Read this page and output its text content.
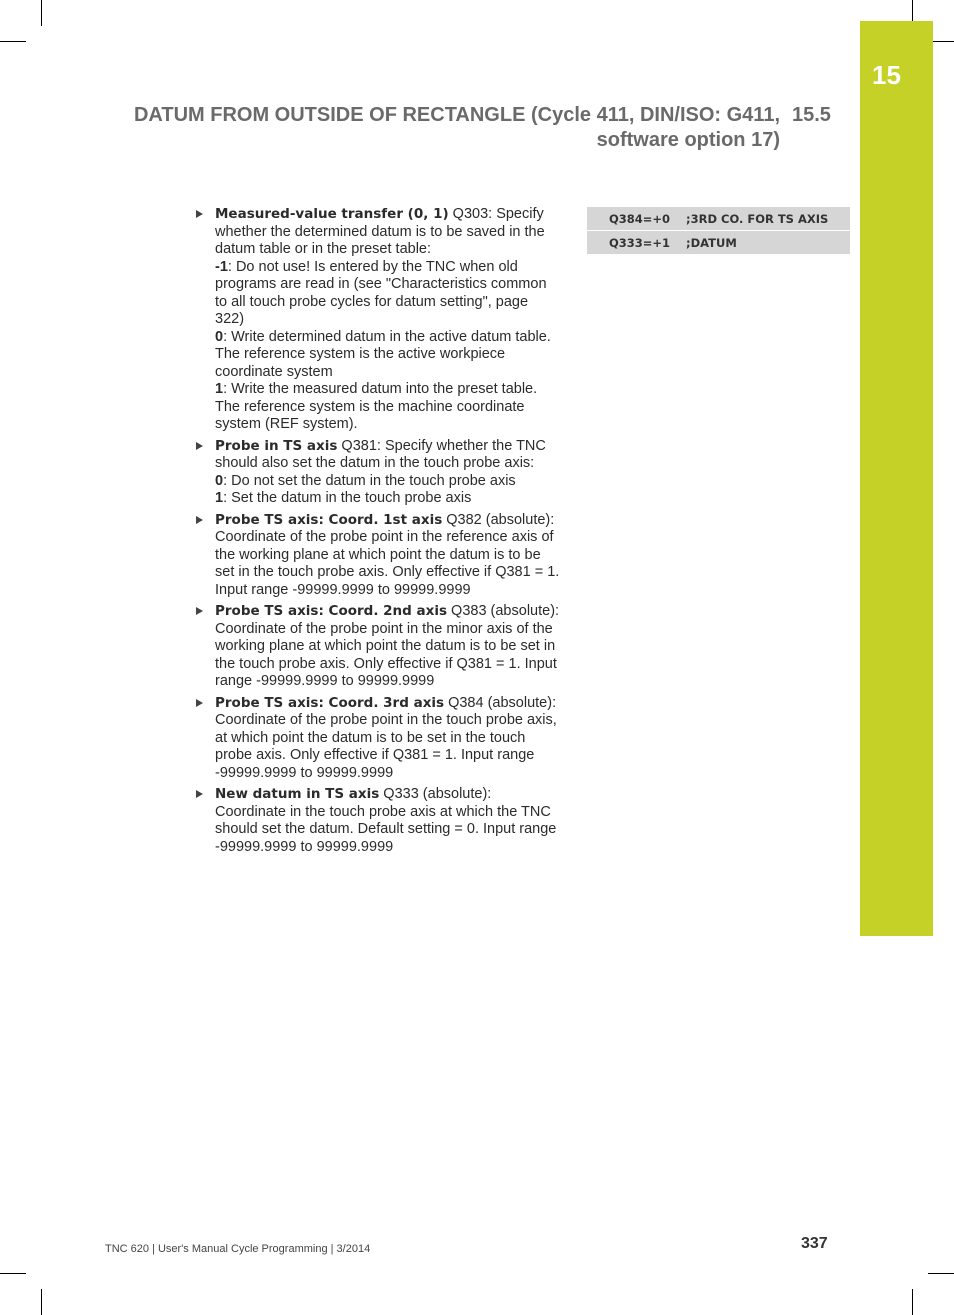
15
DATUM FROM OUTSIDE OF RECTANGLE (Cycle 411, DIN/ISO: G411,
software option 17)
15.5
Measured-value transfer (0, 1) Q303: Specify whether the determined datum is to be saved in the datum table or in the preset table:
-1: Do not use! Is entered by the TNC when old programs are read in (see "Characteristics common to all touch probe cycles for datum setting", page 322)
0: Write determined datum in the active datum table. The reference system is the active workpiece coordinate system
1: Write the measured datum into the preset table. The reference system is the machine coordinate system (REF system).
Probe in TS axis Q381: Specify whether the TNC should also set the datum in the touch probe axis:
0: Do not set the datum in the touch probe axis
1: Set the datum in the touch probe axis
Probe TS axis: Coord. 1st axis Q382 (absolute): Coordinate of the probe point in the reference axis of the working plane at which point the datum is to be set in the touch probe axis. Only effective if Q381 = 1. Input range -99999.9999 to 99999.9999
Probe TS axis: Coord. 2nd axis Q383 (absolute): Coordinate of the probe point in the minor axis of the working plane at which point the datum is to be set in the touch probe axis. Only effective if Q381 = 1. Input range -99999.9999 to 99999.9999
Probe TS axis: Coord. 3rd axis Q384 (absolute): Coordinate of the probe point in the touch probe axis, at which point the datum is to be set in the touch probe axis. Only effective if Q381 = 1. Input range -99999.9999 to 99999.9999
New datum in TS axis Q333 (absolute): Coordinate in the touch probe axis at which the TNC should set the datum. Default setting = 0. Input range -99999.9999 to 99999.9999
Q384=+0	;3RD CO. FOR TS AXIS
Q333=+1	;DATUM
TNC 620 | User's Manual Cycle Programming | 3/2014	337
